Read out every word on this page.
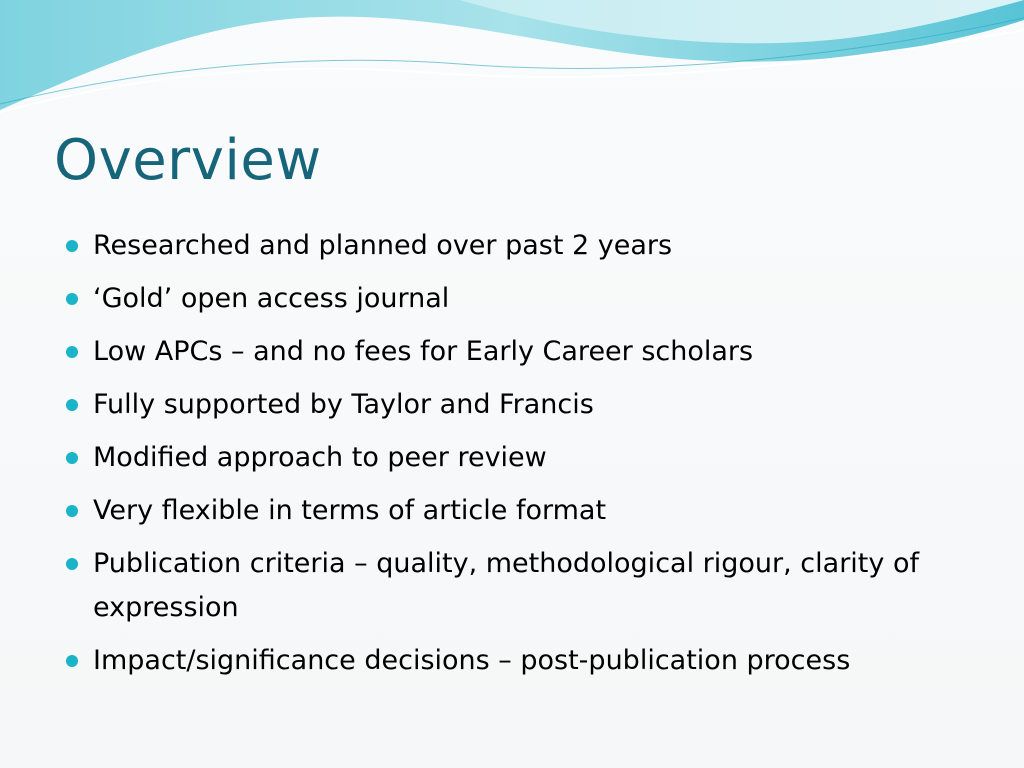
Overview
Researched and planned over past 2 years
‘Gold’ open access journal
Low APCs – and no fees for Early Career scholars
Fully supported by Taylor and Francis
Modified approach to peer review
Very flexible in terms of article format
Publication criteria – quality, methodological rigour, clarity of expression
Impact/significance decisions – post-publication process
